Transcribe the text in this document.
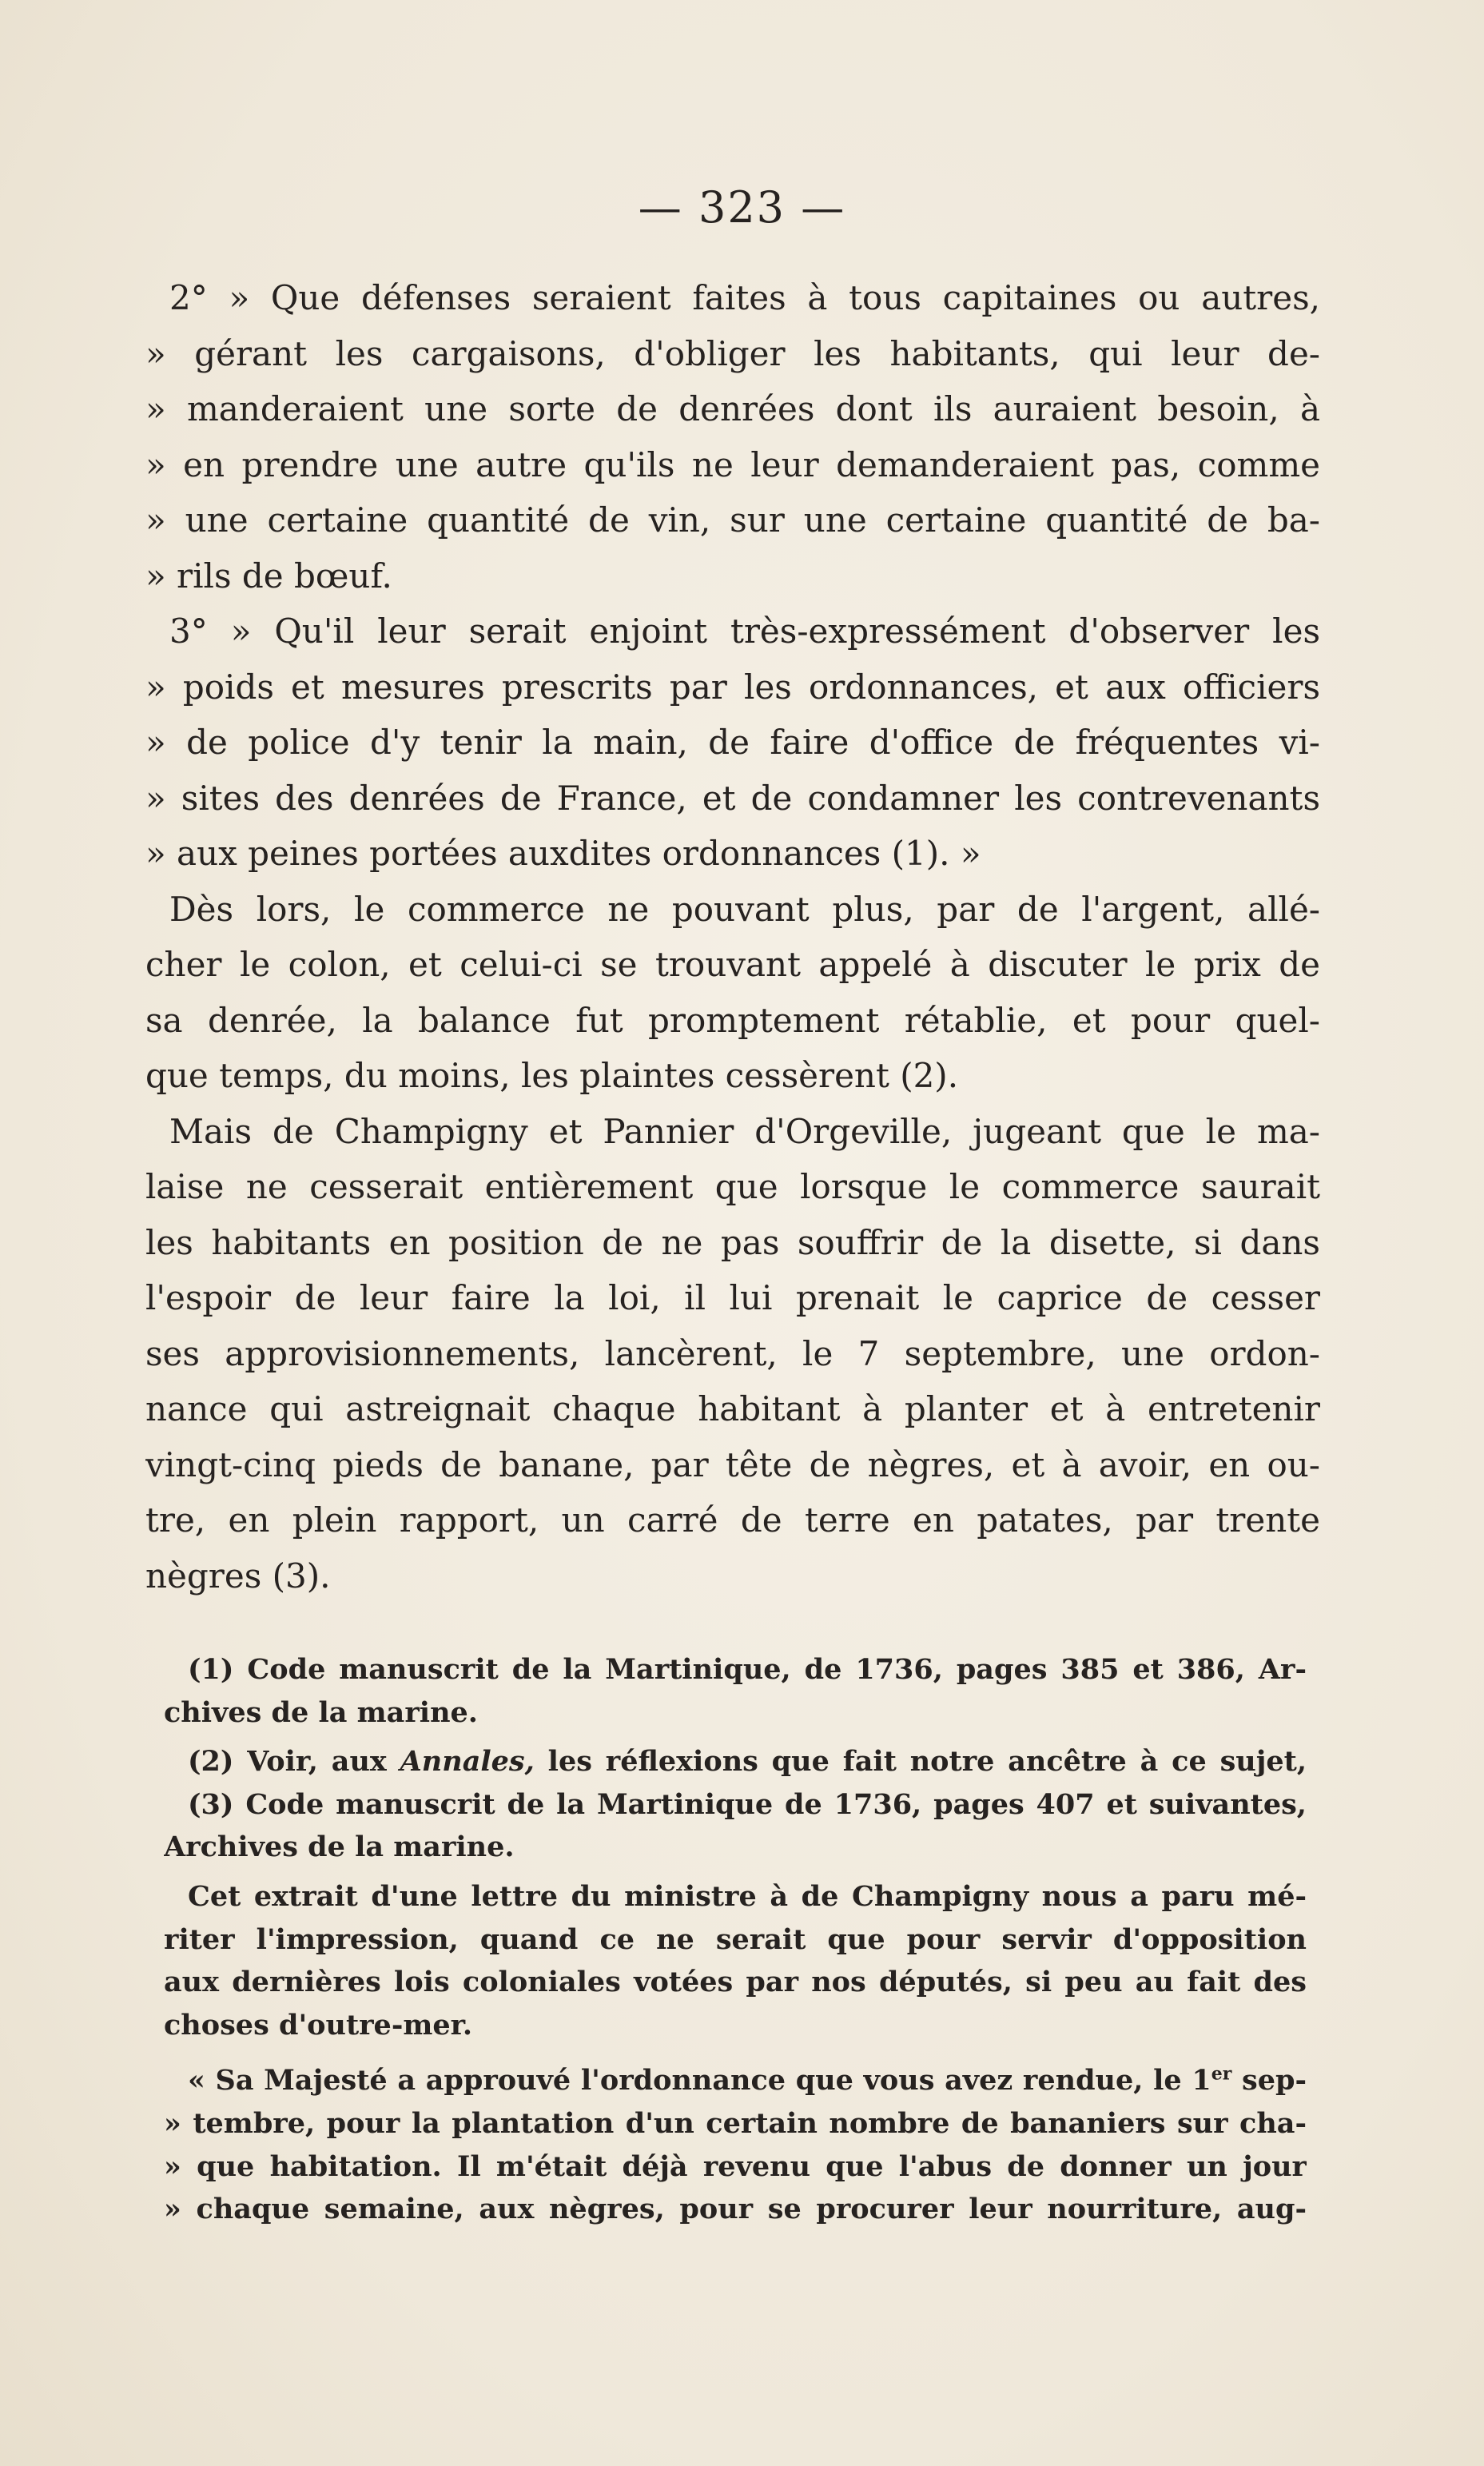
— 323 —
2° » Que défenses seraient faites à tous capitaines ou autres,
» gérant les cargaisons, d'obliger les habitants, qui leur de-
» manderaient une sorte de denrées dont ils auraient besoin, à
» en prendre une autre qu'ils ne leur demanderaient pas, comme
» une certaine quantité de vin, sur une certaine quantité de ba-
» rils de bœuf.
3° » Qu'il leur serait enjoint très-expressément d'observer les
» poids et mesures prescrits par les ordonnances, et aux officiers
» de police d'y tenir la main, de faire d'office de fréquentes vi-
» sites des denrées de France, et de condamner les contrevenants
» aux peines portées auxdites ordonnances (1). »
Dès lors, le commerce ne pouvant plus, par de l'argent, allé-
cher le colon, et celui-ci se trouvant appelé à discuter le prix de
sa denrée, la balance fut promptement rétablie, et pour quel-
que temps, du moins, les plaintes cessèrent (2).
Mais de Champigny et Pannier d'Orgeville, jugeant que le ma-
laise ne cesserait entièrement que lorsque le commerce saurait
les habitants en position de ne pas souffrir de la disette, si dans
l'espoir de leur faire la loi, il lui prenait le caprice de cesser
ses approvisionnements, lancèrent, le 7 septembre, une ordon-
nance qui astreignait chaque habitant à planter et à entretenir
vingt-cinq pieds de banane, par tête de nègres, et à avoir, en ou-
tre, en plein rapport, un carré de terre en patates, par trente
nègres (3).
(1) Code manuscrit de la Martinique, de 1736, pages 385 et 386, Ar-
chives de la marine.
(2) Voir, aux Annales, les réflexions que fait notre ancêtre à ce sujet,
(3) Code manuscrit de la Martinique de 1736, pages 407 et suivantes,
Archives de la marine.
Cet extrait d'une lettre du ministre à de Champigny nous a paru mé-
riter l'impression, quand ce ne serait que pour servir d'opposition
aux dernières lois coloniales votées par nos députés, si peu au fait des
choses d'outre-mer.
« Sa Majesté a approuvé l'ordonnance que vous avez rendue, le 1er sep-
» tembre, pour la plantation d'un certain nombre de bananiers sur cha-
» que habitation. Il m'était déjà revenu que l'abus de donner un jour
» chaque semaine, aux nègres, pour se procurer leur nourriture, aug-
